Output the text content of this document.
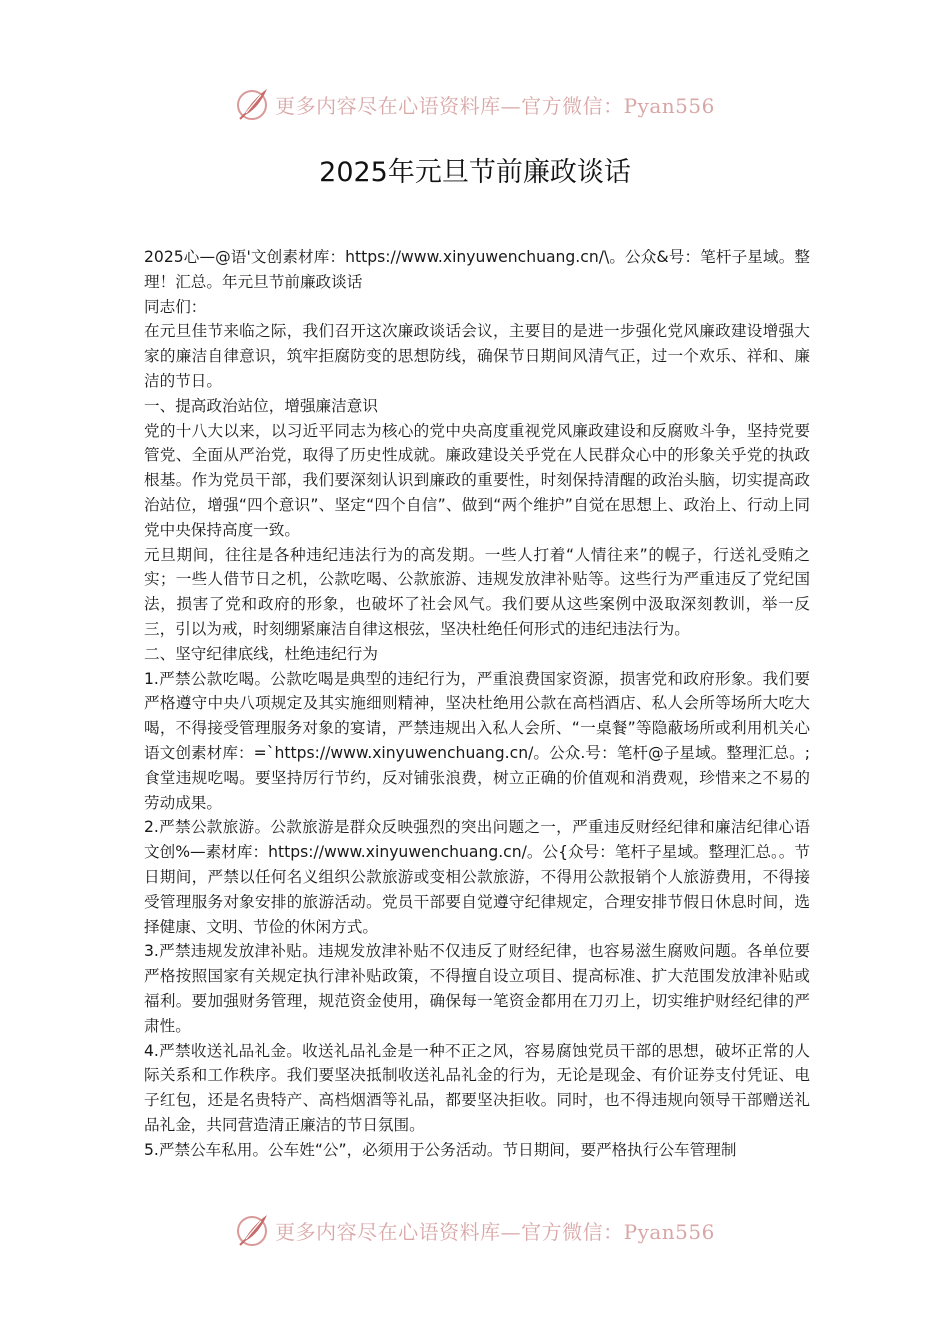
更多内容尽在心语资料库—官方微信：Pyan556
2025年元旦节前廉政谈话

2025心—@语'文创素材库：https://www.xinyuwenchuang.cn/\。公众&号：笔杆子星域。整理！汇总。年元旦节前廉政谈话

同志们：

在元旦佳节来临之际，我们召开这次廉政谈话会议，主要目的是进一步强化党风廉政建设增强大家的廉洁自律意识，筑牢拒腐防变的思想防线，确保节日期间风清气正，过一个欢乐、祥和、廉洁的节日。

一、提高政治站位，增强廉洁意识

党的十八大以来，以习近平同志为核心的党中央高度重视党风廉政建设和反腐败斗争，坚持党要管党、全面从严治党，取得了历史性成就。廉政建设关乎党在人民群众心中的形象关乎党的执政根基。作为党员干部，我们要深刻认识到廉政的重要性，时刻保持清醒的政治头脑，切实提高政治站位，增强“四个意识”、坚定“四个自信”、做到“两个维护”自觉在思想上、政治上、行动上同党中央保持高度一致。

元旦期间，往往是各种违纪违法行为的高发期。一些人打着“人情往来”的幌子，行送礼受贿之实；一些人借节日之机，公款吃喝、公款旅游、违规发放津补贴等。这些行为严重违反了党纪国法，损害了党和政府的形象，也破坏了社会风气。我们要从这些案例中汲取深刻教训，举一反三，引以为戒，时刻绷紧廉洁自律这根弦，坚决杜绝任何形式的违纪违法行为。

二、坚守纪律底线，杜绝违纪行为

1.严禁公款吃喝。公款吃喝是典型的违纪行为，严重浪费国家资源，损害党和政府形象。我们要严格遵守中央八项规定及其实施细则精神，坚决杜绝用公款在高档酒店、私人会所等场所大吃大喝，不得接受管理服务对象的宴请，严禁违规出入私人会所、“一桌餐”等隐蔽场所或利用机关心语文创素材库：=`https://www.xinyuwenchuang.cn/。公众.号：笔杆@子星域。整理汇总。;食堂违规吃喝。要坚持厉行节约，反对铺张浪费，树立正确的价值观和消费观，珍惜来之不易的劳动成果。

2.严禁公款旅游。公款旅游是群众反映强烈的突出问题之一，严重违反财经纪律和廉洁纪律心语文创%—素材库：https://www.xinyuwenchuang.cn/。公{众号：笔杆子星域。整理汇总。。节日期间，严禁以任何名义组织公款旅游或变相公款旅游，不得用公款报销个人旅游费用，不得接受管理服务对象安排的旅游活动。党员干部要自觉遵守纪律规定，合理安排节假日休息时间，选择健康、文明、节俭的休闲方式。

3.严禁违规发放津补贴。违规发放津补贴不仅违反了财经纪律，也容易滋生腐败问题。各单位要严格按照国家有关规定执行津补贴政策，不得擅自设立项目、提高标准、扩大范围发放津补贴或福利。要加强财务管理，规范资金使用，确保每一笔资金都用在刀刃上，切实维护财经纪律的严肃性。

4.严禁收送礼品礼金。收送礼品礼金是一种不正之风，容易腐蚀党员干部的思想，破坏正常的人际关系和工作秩序。我们要坚决抵制收送礼品礼金的行为，无论是现金、有价证券支付凭证、电子红包，还是名贵特产、高档烟酒等礼品，都要坚决拒收。同时，也不得违规向领导干部赠送礼品礼金，共同营造清正廉洁的节日氛围。

5.严禁公车私用。公车姓“公”，必须用于公务活动。节日期间，要严格执行公车管理制

更多内容尽在心语资料库—官方微信：Pyan556
